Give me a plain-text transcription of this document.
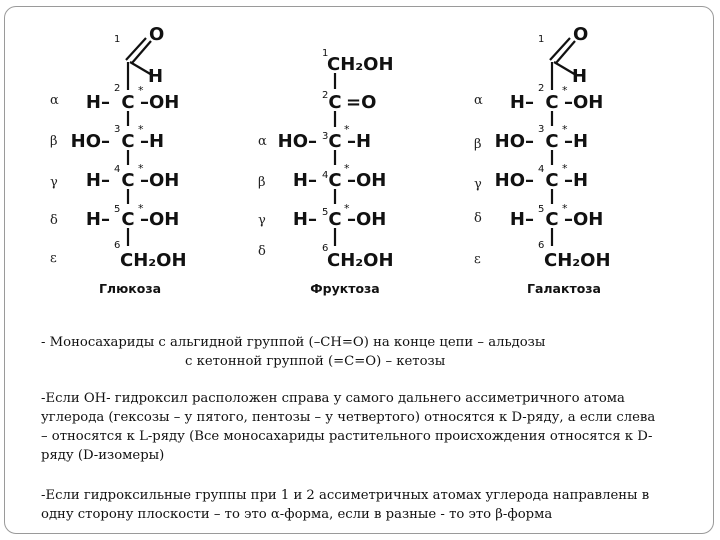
1 O
H
α
2
H– C
*
–OH
β
3
HO– C
*
–H
γ
4
H– C
*
–OH
δ
5
H– C
*
–OH
ε
6
CH₂OH
Глюкоза
1
CH₂OH
2 C =O
α	3
HO– C
*
–H
β	4
H– C
*
–OH
γ
5
H– C
*
–OH
δ	6
CH₂OH
Фруктоза
1 O
H
α
2
H– C
*
–OH
β
3
HO– C
*
–H
γ
4
HO– C
*
–H
δ
5
H– C
*
–OH
ε
6
CH₂OH
Галактоза
- Моносахариды с альгидной группой (–CH=O) на конце цепи – альдозы
с кетонной группой (=C=O) – кетозы
-Если OH- гидроксил расположен справа у самого дальнего ассиметричного атома
углерода (гексозы – у пятого, пентозы – у четвертого) относятся к D-ряду, а если слева
– относятся к L-ряду (Все моносахариды растительного происхождения относятся к D-
ряду (D-изомеры)
-Если гидроксильные группы при 1 и 2 ассиметричных атомах углерода направлены в
одну сторону плоскости – то это α-форма, если в разные - то это β-форма
